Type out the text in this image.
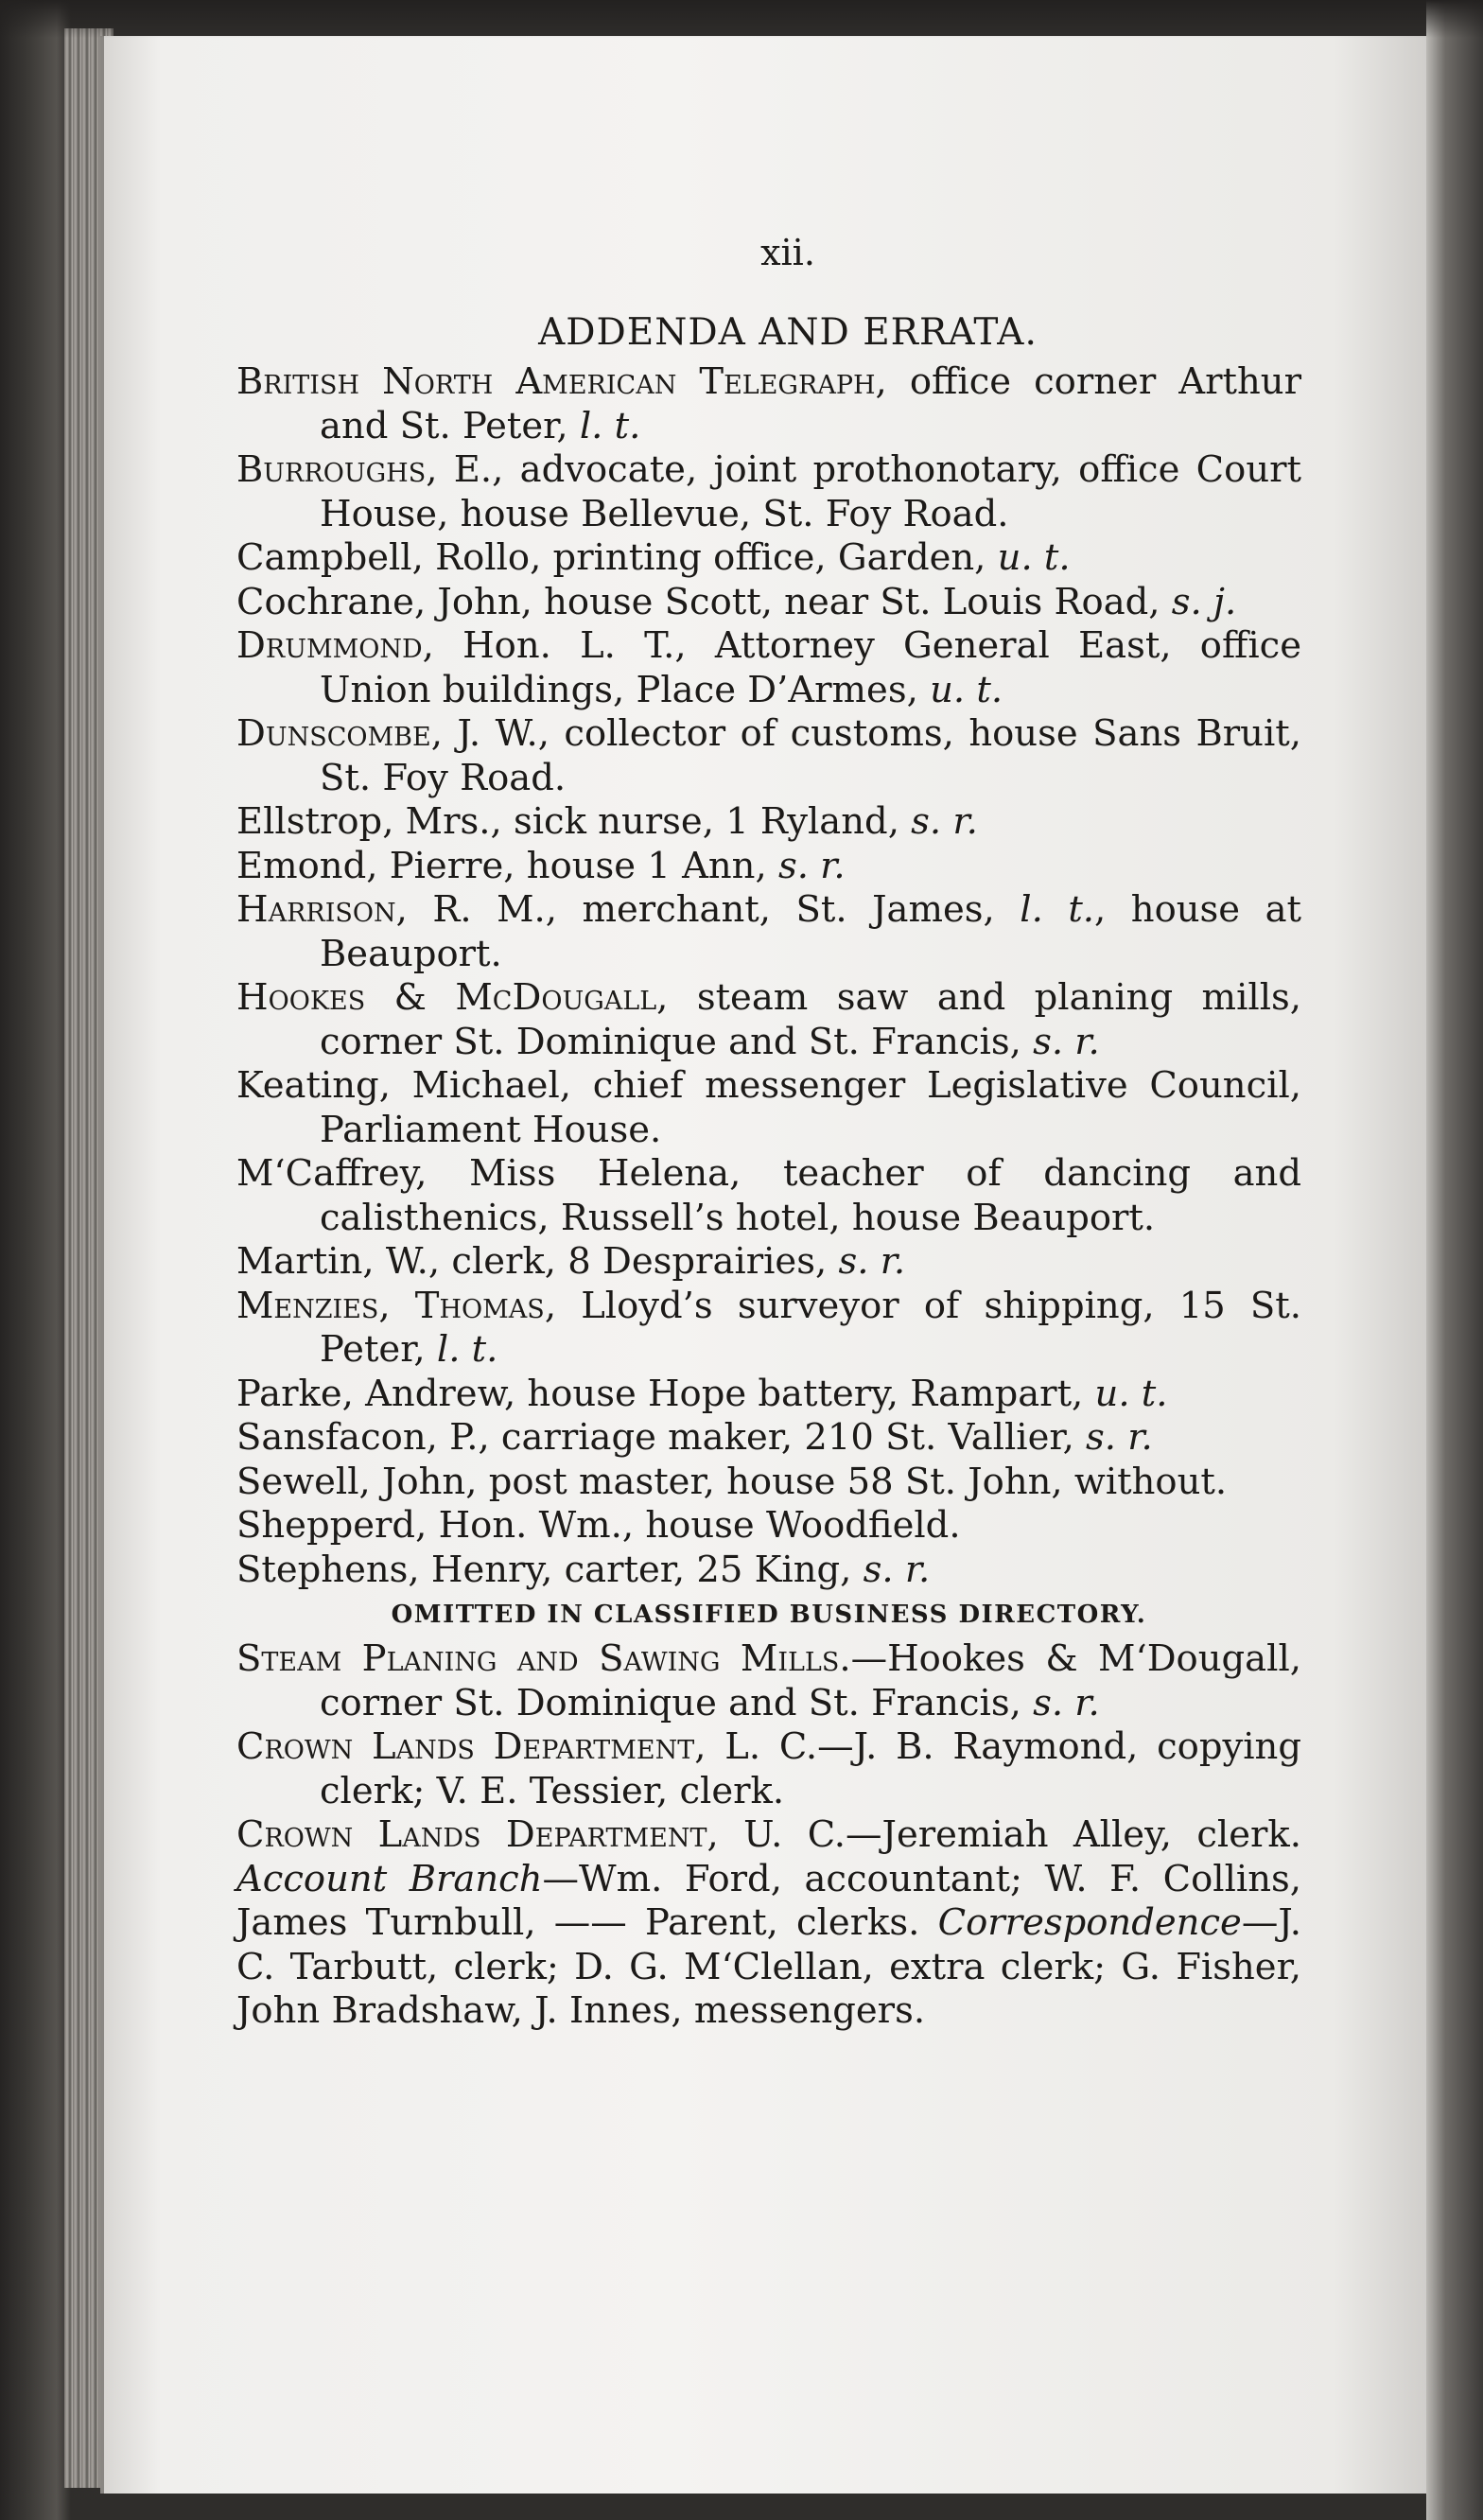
xii.
ADDENDA AND ERRATA.
British North American Telegraph, office corner Arthur and St. Peter, l. t.
Burroughs, E., advocate, joint prothonotary, office Court House, house Bellevue, St. Foy Road.
Campbell, Rollo, printing office, Garden, u. t.
Cochrane, John, house Scott, near St. Louis Road, s. j.
Drummond, Hon. L. T., Attorney General East, office Union buildings, Place D’Armes, u. t.
Dunscombe, J. W., collector of customs, house Sans Bruit, St. Foy Road.
Ellstrop, Mrs., sick nurse, 1 Ryland, s. r.
Emond, Pierre, house 1 Ann, s. r.
Harrison, R. M., merchant, St. James, l. t., house at Beauport.
Hookes & McDougall, steam saw and planing mills, corner St. Dominique and St. Francis, s. r.
Keating, Michael, chief messenger Legislative Council, Parliament House.
M‘Caffrey, Miss Helena, teacher of dancing and calisthenics, Russell’s hotel, house Beauport.
Martin, W., clerk, 8 Desprairies, s. r.
Menzies, Thomas, Lloyd’s surveyor of shipping, 15 St. Peter, l. t.
Parke, Andrew, house Hope battery, Rampart, u. t.
Sansfacon, P., carriage maker, 210 St. Vallier, s. r.
Sewell, John, post master, house 58 St. John, without.
Shepperd, Hon. Wm., house Woodfield.
Stephens, Henry, carter, 25 King, s. r.
OMITTED IN CLASSIFIED BUSINESS DIRECTORY.
Steam Planing and Sawing Mills.—Hookes & M‘Dougall, corner St. Dominique and St. Francis, s. r.
Crown Lands Department, L. C.—J. B. Raymond, copying clerk; V. E. Tessier, clerk.
Crown Lands Department, U. C.—Jeremiah Alley, clerk. Account Branch—Wm. Ford, accountant; W. F. Collins, James Turnbull, —— Parent, clerks. Correspondence—J. C. Tarbutt, clerk; D. G. M‘Clellan, extra clerk; G. Fisher, John Bradshaw, J. Innes, messengers.
